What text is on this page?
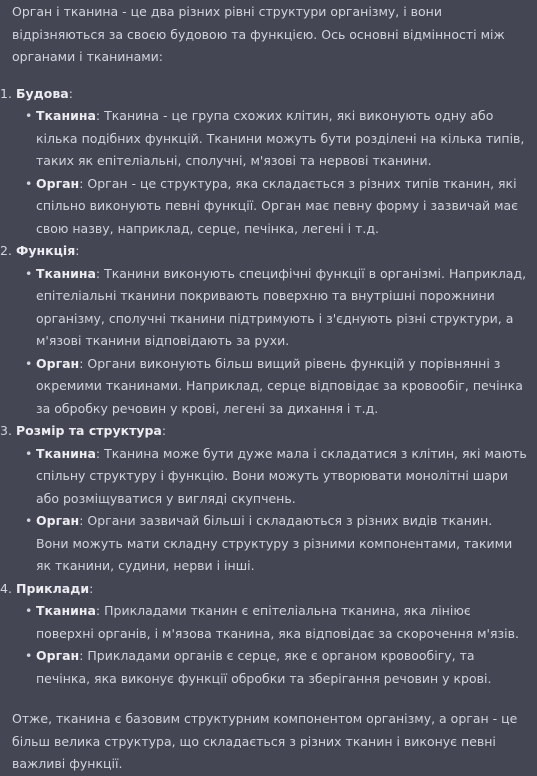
Орган і тканина - це два різних рівні структури організму, і вони відрізняються за своєю будовою та функцією. Ось основні відмінності між органами і тканинами:

1. Будова:
• Тканина: Тканина - це група схожих клітин, які виконують одну або кілька подібних функцій. Тканини можуть бути розділені на кілька типів, таких як епітеліальні, сполучні, м'язові та нервові тканини.
• Орган: Орган - це структура, яка складається з різних типів тканин, які спільно виконують певні функції. Орган має певну форму і зазвичай має свою назву, наприклад, серце, печінка, легені і т.д.
2. Функція:
• Тканина: Тканини виконують специфічні функції в організмі. Наприклад, епітеліальні тканини покривають поверхню та внутрішні порожнини організму, сполучні тканини підтримують і з'єднують різні структури, а м'язові тканини відповідають за рухи.
• Орган: Органи виконують більш вищий рівень функцій у порівнянні з окремими тканинами. Наприклад, серце відповідає за кровообіг, печінка за обробку речовин у крові, легені за дихання і т.д.
3. Розмір та структура:
• Тканина: Тканина може бути дуже мала і складатися з клітин, які мають спільну структуру і функцію. Вони можуть утворювати монолітні шари або розміщуватися у вигляді скупчень.
• Орган: Органи зазвичай більші і складаються з різних видів тканин. Вони можуть мати складну структуру з різними компонентами, такими як тканини, судини, нерви і інші.
4. Приклади:
• Тканина: Прикладами тканин є епітеліальна тканина, яка лініює поверхні органів, і м'язова тканина, яка відповідає за скорочення м'язів.
• Орган: Прикладами органів є серце, яке є органом кровообігу, та печінка, яка виконує функції обробки та зберігання речовин у крові.

Отже, тканина є базовим структурним компонентом організму, а орган - це більш велика структура, що складається з різних тканин і виконує певні важливі функції.
